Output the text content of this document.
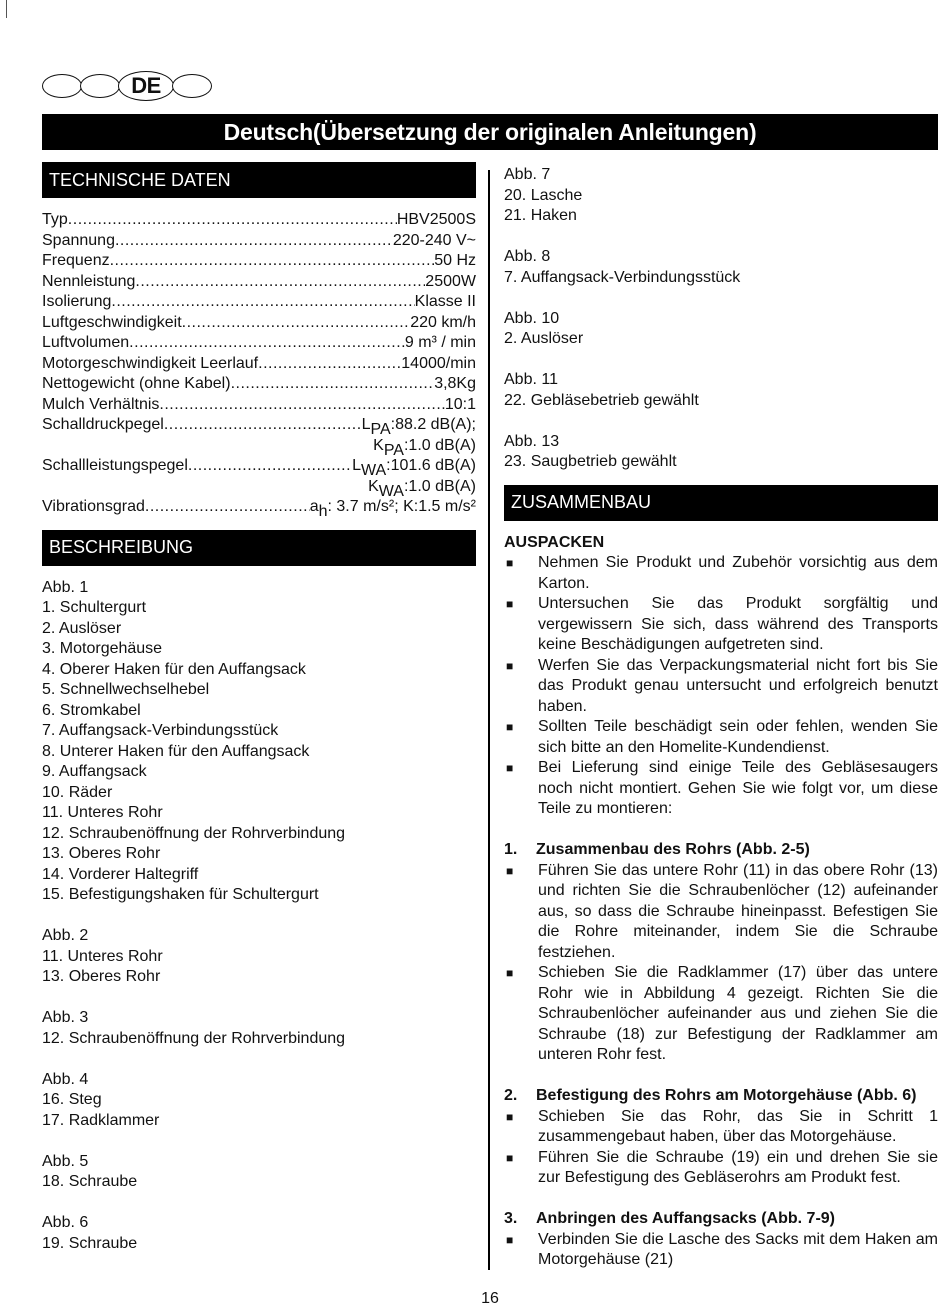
DE
Deutsch(Übersetzung der originalen Anleitungen)
TECHNISCHE DATEN
Typ .....	HBV2500S
Spannung .....	220-240 V~
Frequenz .....	50 Hz
Nennleistung .....	2500W
Isolierung .....	Klasse II
Luftgeschwindigkeit .....	220 km/h
Luftvolumen .....	9 m³ / min
Motorgeschwindigkeit Leerlauf .....	14000/min
Nettogewicht (ohne Kabel) .....	3,8Kg
Mulch Verhältnis .....	10:1
Schalldruckpegel .....	$L_{PA}:88.2$ dB(A);
$K_{PA}:1.0$ dB(A)
Schallleistungspegel .....	$L_{WA}:101.6$ dB(A)
$K_{WA}:1.0$ dB(A)
Vibrationsgrad .....	$a_h$: 3.7 m/s²; K:1.5 m/s²
BESCHREIBUNG
Abb. 1
1. Schultergurt
2. Auslöser
3. Motorgehäuse
4. Oberer Haken für den Auffangsack
5. Schnellwechselhebel
6. Stromkabel
7. Auffangsack-Verbindungsstück
8. Unterer Haken für den Auffangsack
9. Auffangsack
10. Räder
11. Unteres Rohr
12. Schraubenöffnung der Rohrverbindung
13. Oberes Rohr
14. Vorderer Haltegriff
15. Befestigungshaken für Schultergurt
Abb. 2
11. Unteres Rohr
13. Oberes Rohr
Abb. 3
12. Schraubenöffnung der Rohrverbindung
Abb. 4
16. Steg
17. Radklammer
Abb. 5
18. Schraube
Abb. 6
19. Schraube
Abb. 7
20. Lasche
21. Haken
Abb. 8
7. Auffangsack-Verbindungsstück
Abb. 10
2. Auslöser
Abb. 11
22. Gebläsebetrieb gewählt
Abb. 13
23. Saugbetrieb gewählt
ZUSAMMENBAU
AUSPACKEN
■	Nehmen Sie Produkt und Zubehör vorsichtig aus dem Karton.
■	Untersuchen Sie das Produkt sorgfältig und vergewissern Sie sich, dass während des Transports keine Beschädigungen aufgetreten sind.
■	Werfen Sie das Verpackungsmaterial nicht fort bis Sie das Produkt genau untersucht und erfolgreich benutzt haben.
■	Sollten Teile beschädigt sein oder fehlen, wenden Sie sich bitte an den Homelite-Kundendienst.
■	Bei Lieferung sind einige Teile des Gebläsesaugers noch nicht montiert. Gehen Sie wie folgt vor, um diese Teile zu montieren:
1.	Zusammenbau des Rohrs (Abb. 2-5)
■	Führen Sie das untere Rohr (11) in das obere Rohr (13) und richten Sie die Schraubenlöcher (12) aufeinander aus, so dass die Schraube hineinpasst. Befestigen Sie die Rohre miteinander, indem Sie die Schraube festziehen.
■	Schieben Sie die Radklammer (17) über das untere Rohr wie in Abbildung 4 gezeigt. Richten Sie die Schraubenlöcher aufeinander aus und ziehen Sie die Schraube (18) zur Befestigung der Radklammer am unteren Rohr fest.
2.	Befestigung des Rohrs am Motorgehäuse (Abb. 6)
■	Schieben Sie das Rohr, das Sie in Schritt 1 zusammengebaut haben, über das Motorgehäuse.
■	Führen Sie die Schraube (19) ein und drehen Sie sie zur Befestigung des Gebläserohrs am Produkt fest.
3.	Anbringen des Auffangsacks (Abb. 7-9)
■	Verbinden Sie die Lasche des Sacks mit dem Haken am Motorgehäuse (21)
16
